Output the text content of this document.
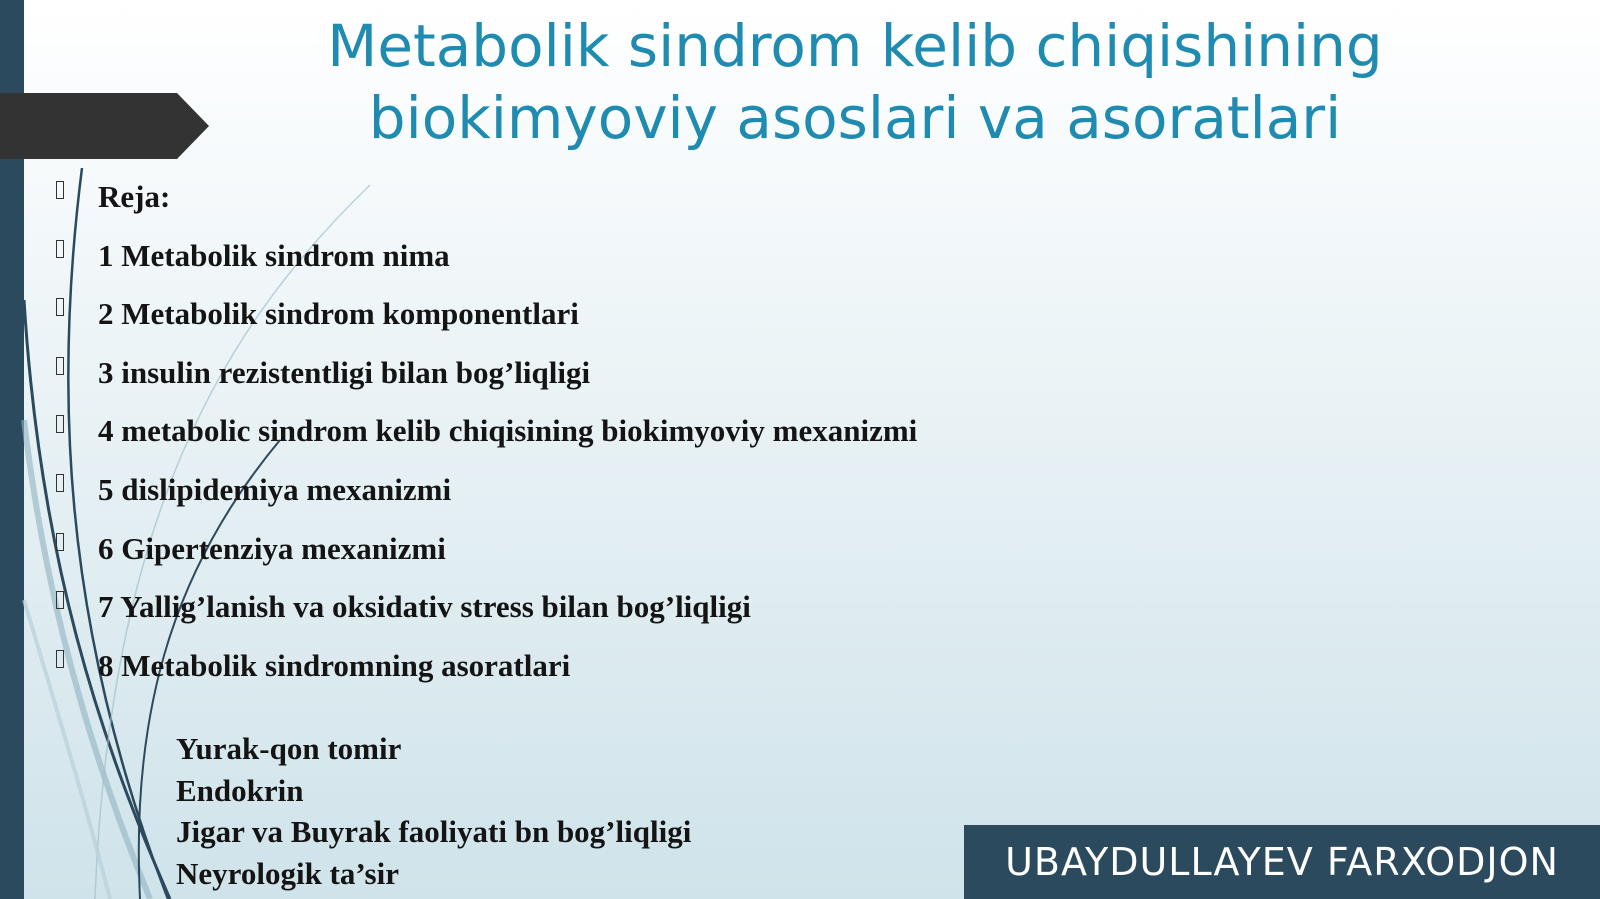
Metabolik sindrom kelib chiqishining
biokimyoviy asoslari va asoratlari
Reja:
1 Metabolik sindrom nima
2 Metabolik sindrom komponentlari
3 insulin rezistentligi bilan bog’liqligi
4 metabolic sindrom kelib chiqisining biokimyoviy mexanizmi
5 dislipidemiya mexanizmi
6 Gipertenziya mexanizmi
7 Yallig’lanish va oksidativ stress bilan bog’liqligi
8 Metabolik sindromning asoratlari
Yurak-qon tomir
Endokrin
Jigar va Buyrak faoliyati bn bog’liqligi
Neyrologik ta’sir	UBAYDULLAYEV FARXODJON
